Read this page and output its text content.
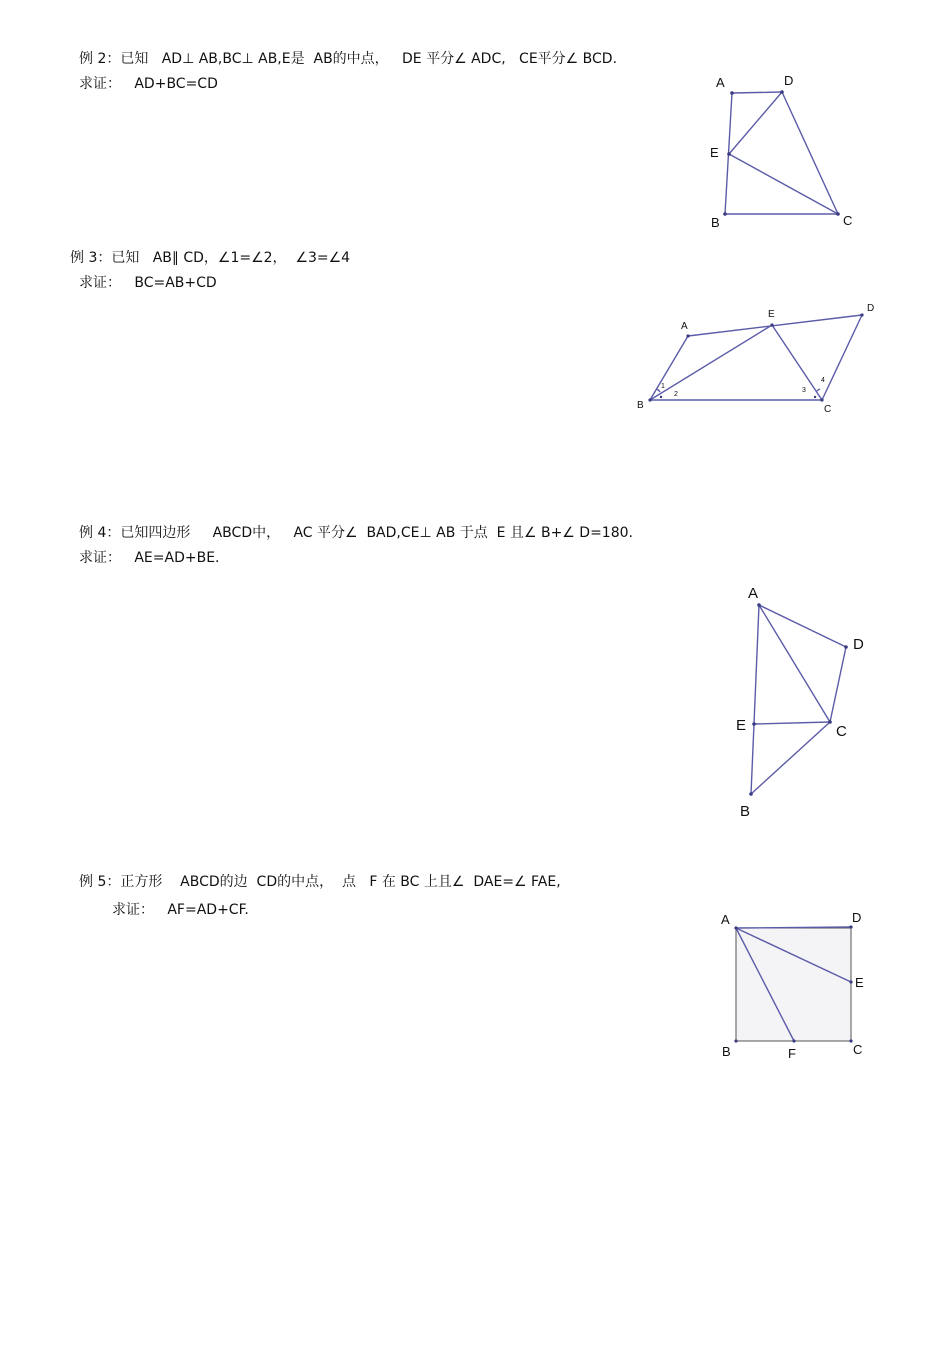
例 2：已知   AD⊥ AB,BC⊥ AB,E是  AB的中点，   DE 平分∠ ADC,   CE平分∠ BCD.
求证：   AD+BC=CD	A	D
E
B	C
例 3：已知   AB∥ CD，∠1=∠2，  ∠3=∠4
求证：   BC=AB+CD
A
E
D
B	C
1
2
3
4
例 4：已知四边形     ABCD中，   AC 平分∠  BAD,CE⊥ AB 于点  E 且∠ B+∠ D=180.
求证：   AE=AD+BE.
A
D
E	C
B
例 5：正方形    ABCD的边  CD的中点，  点   F 在 BC 上且∠  DAE=∠ FAE,
求证：   AF=AD+CF.
A	D
E
B	F	C
